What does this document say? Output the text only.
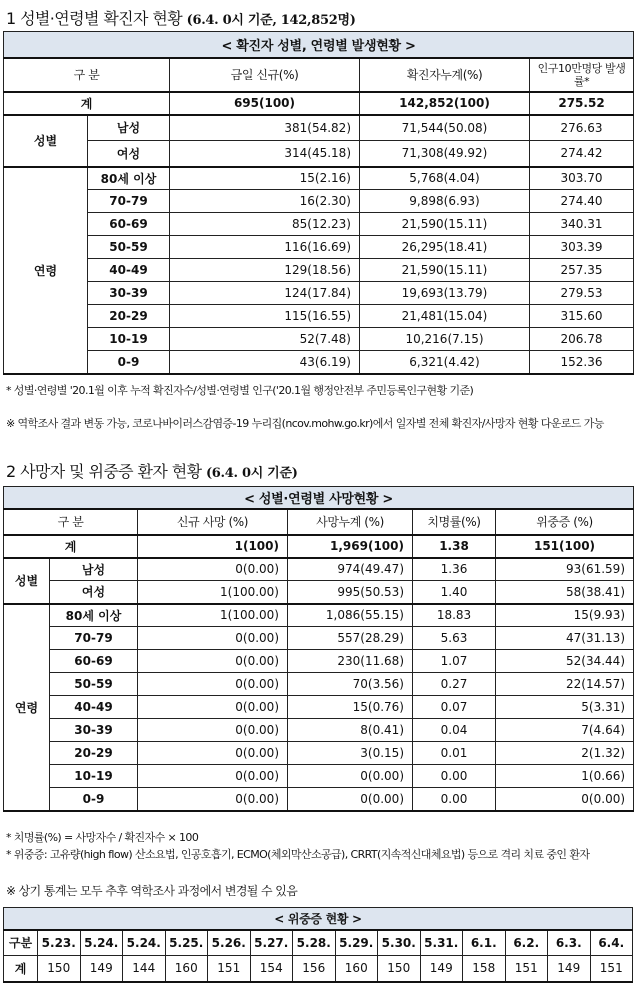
1 성별·연령별 확진자 현황 (6.4. 0시 기준, 142,852명)
< 확진자 성별, 연령별 발생현황 >				
구 분		금일 신규(%)	확진자누계(%)	인구10만명당 발생률*
계		695(100)	142,852(100)	275.52
성별	남성	381(54.82)	71,544(50.08)	276.63
	여성	314(45.18)	71,308(49.92)	274.42
연령	80세 이상	15(2.16)	5,768(4.04)	303.70
	70-79	16(2.30)	9,898(6.93)	274.40
	60-69	85(12.23)	21,590(15.11)	340.31
	50-59	116(16.69)	26,295(18.41)	303.39
	40-49	129(18.56)	21,590(15.11)	257.35
	30-39	124(17.84)	19,693(13.79)	279.53
	20-29	115(16.55)	21,481(15.04)	315.60
	10-19	52(7.48)	10,216(7.15)	206.78
	0-9	43(6.19)	6,321(4.42)	152.36
* 성별·연령별 '20.1월 이후 누적 확진자수/성별·연령별 인구('20.1월 행정안전부 주민등록인구현황 기준)
※ 역학조사 결과 변동 가능, 코로나바이러스감염증-19 누리집(ncov.mohw.go.kr)에서 일자별 전체 확진자/사망자 현황 다운로드 가능
2 사망자 및 위중증 환자 현황 (6.4. 0시 기준)
< 성별·연령별 사망현황 >					
구 분		신규 사망 (%)	사망누계 (%)	치명률(%)	위중증 (%)
계		1(100)	1,969(100)	1.38	151(100)
성별	남성	0(0.00)	974(49.47)	1.36	93(61.59)
	여성	1(100.00)	995(50.53)	1.40	58(38.41)
연령	80세 이상	1(100.00)	1,086(55.15)	18.83	15(9.93)
	70-79	0(0.00)	557(28.29)	5.63	47(31.13)
	60-69	0(0.00)	230(11.68)	1.07	52(34.44)
	50-59	0(0.00)	70(3.56)	0.27	22(14.57)
	40-49	0(0.00)	15(0.76)	0.07	5(3.31)
	30-39	0(0.00)	8(0.41)	0.04	7(4.64)
	20-29	0(0.00)	3(0.15)	0.01	2(1.32)
	10-19	0(0.00)	0(0.00)	0.00	1(0.66)
	0-9	0(0.00)	0(0.00)	0.00	0(0.00)
* 치명률(%) = 사망자수 / 확진자수 × 100
* 위중증: 고유량(high flow) 산소요법, 인공호흡기, ECMO(체외막산소공급), CRRT(지속적신대체요법) 등으로 격리 치료 중인 환자
※ 상기 통계는 모두 추후 역학조사 과정에서 변경될 수 있음
< 위중증 현황 >														
구분	5.23.	5.24.	5.24.	5.25.	5.26.	5.27.	5.28.	5.29.	5.30.	5.31.	6.1.	6.2.	6.3.	6.4.
계	150	149	144	160	151	154	156	160	150	149	158	151	149	151
